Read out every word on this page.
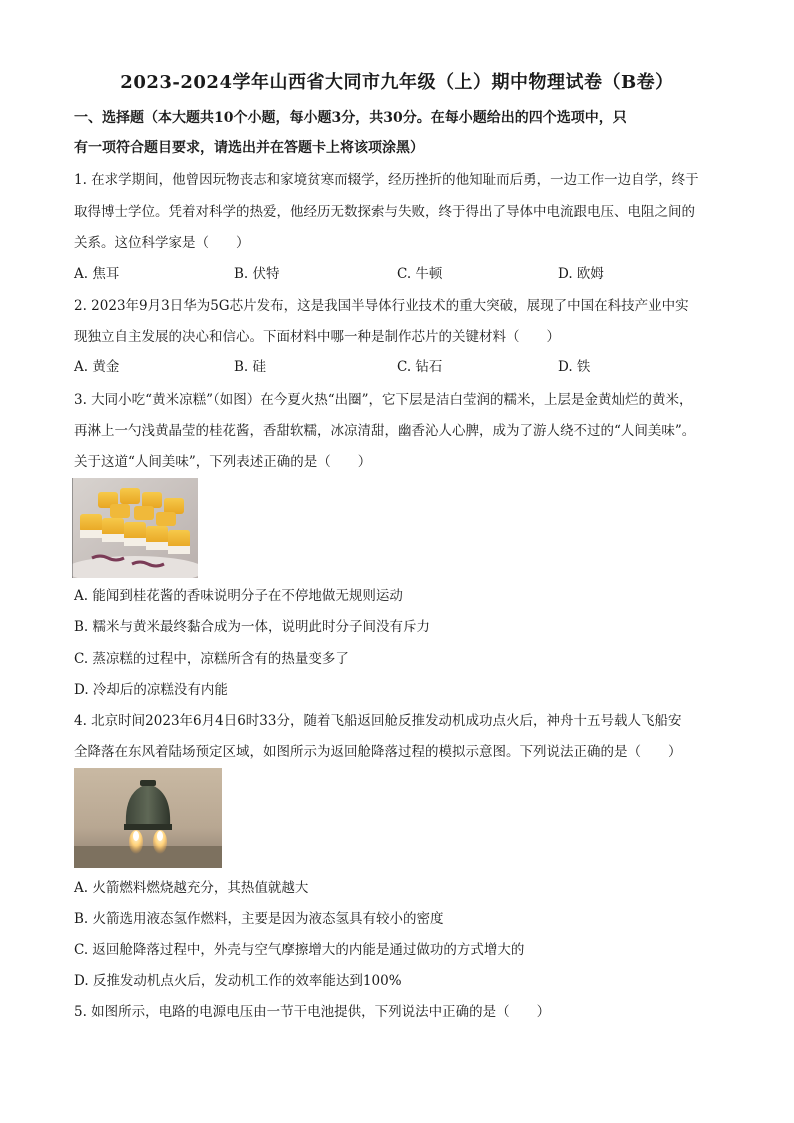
2023-2024学年山西省大同市九年级（上）期中物理试卷（B卷）
一、选择题（本大题共10个小题，每小题3分，共30分。在每小题给出的四个选项中，只
有一项符合题目要求，请选出并在答题卡上将该项涂黑）
1. 在求学期间，他曾因玩物丧志和家境贫寒而辍学，经历挫折的他知耻而后勇，一边工作一边自学，终于
取得博士学位。凭着对科学的热爱，他经历无数探索与失败，终于得出了导体中电流跟电压、电阻之间的
关系。这位科学家是（　　）
A. 焦耳	B. 伏特	C. 牛顿	D. 欧姆
2. 2023年9月3日华为5G芯片发布，这是我国半导体行业技术的重大突破，展现了中国在科技产业中实
现独立自主发展的决心和信心。下面材料中哪一种是制作芯片的关键材料（　　）
A. 黄金	B. 硅	C. 钻石	D. 铁
3. 大同小吃“黄米凉糕”（如图）在今夏火热“出圈”，它下层是洁白莹润的糯米，上层是金黄灿烂的黄米，
再淋上一勺浅黄晶莹的桂花酱，香甜软糯，冰凉清甜，幽香沁人心脾，成为了游人绕不过的“人间美味”。
关于这道“人间美味”，下列表述正确的是（　　）
A. 能闻到桂花酱的香味说明分子在不停地做无规则运动
B. 糯米与黄米最终黏合成为一体，说明此时分子间没有斥力
C. 蒸凉糕的过程中，凉糕所含有的热量变多了
D. 冷却后的凉糕没有内能
4. 北京时间2023年6月4日6时33分，随着飞船返回舱反推发动机成功点火后，神舟十五号载人飞船安
全降落在东风着陆场预定区域，如图所示为返回舱降落过程的模拟示意图。下列说法正确的是（　　）
A. 火箭燃料燃烧越充分，其热值就越大
B. 火箭选用液态氢作燃料，主要是因为液态氢具有较小的密度
C. 返回舱降落过程中，外壳与空气摩擦增大的内能是通过做功的方式增大的
D. 反推发动机点火后，发动机工作的效率能达到100%
5. 如图所示，电路的电源电压由一节干电池提供，下列说法中正确的是（　　）
